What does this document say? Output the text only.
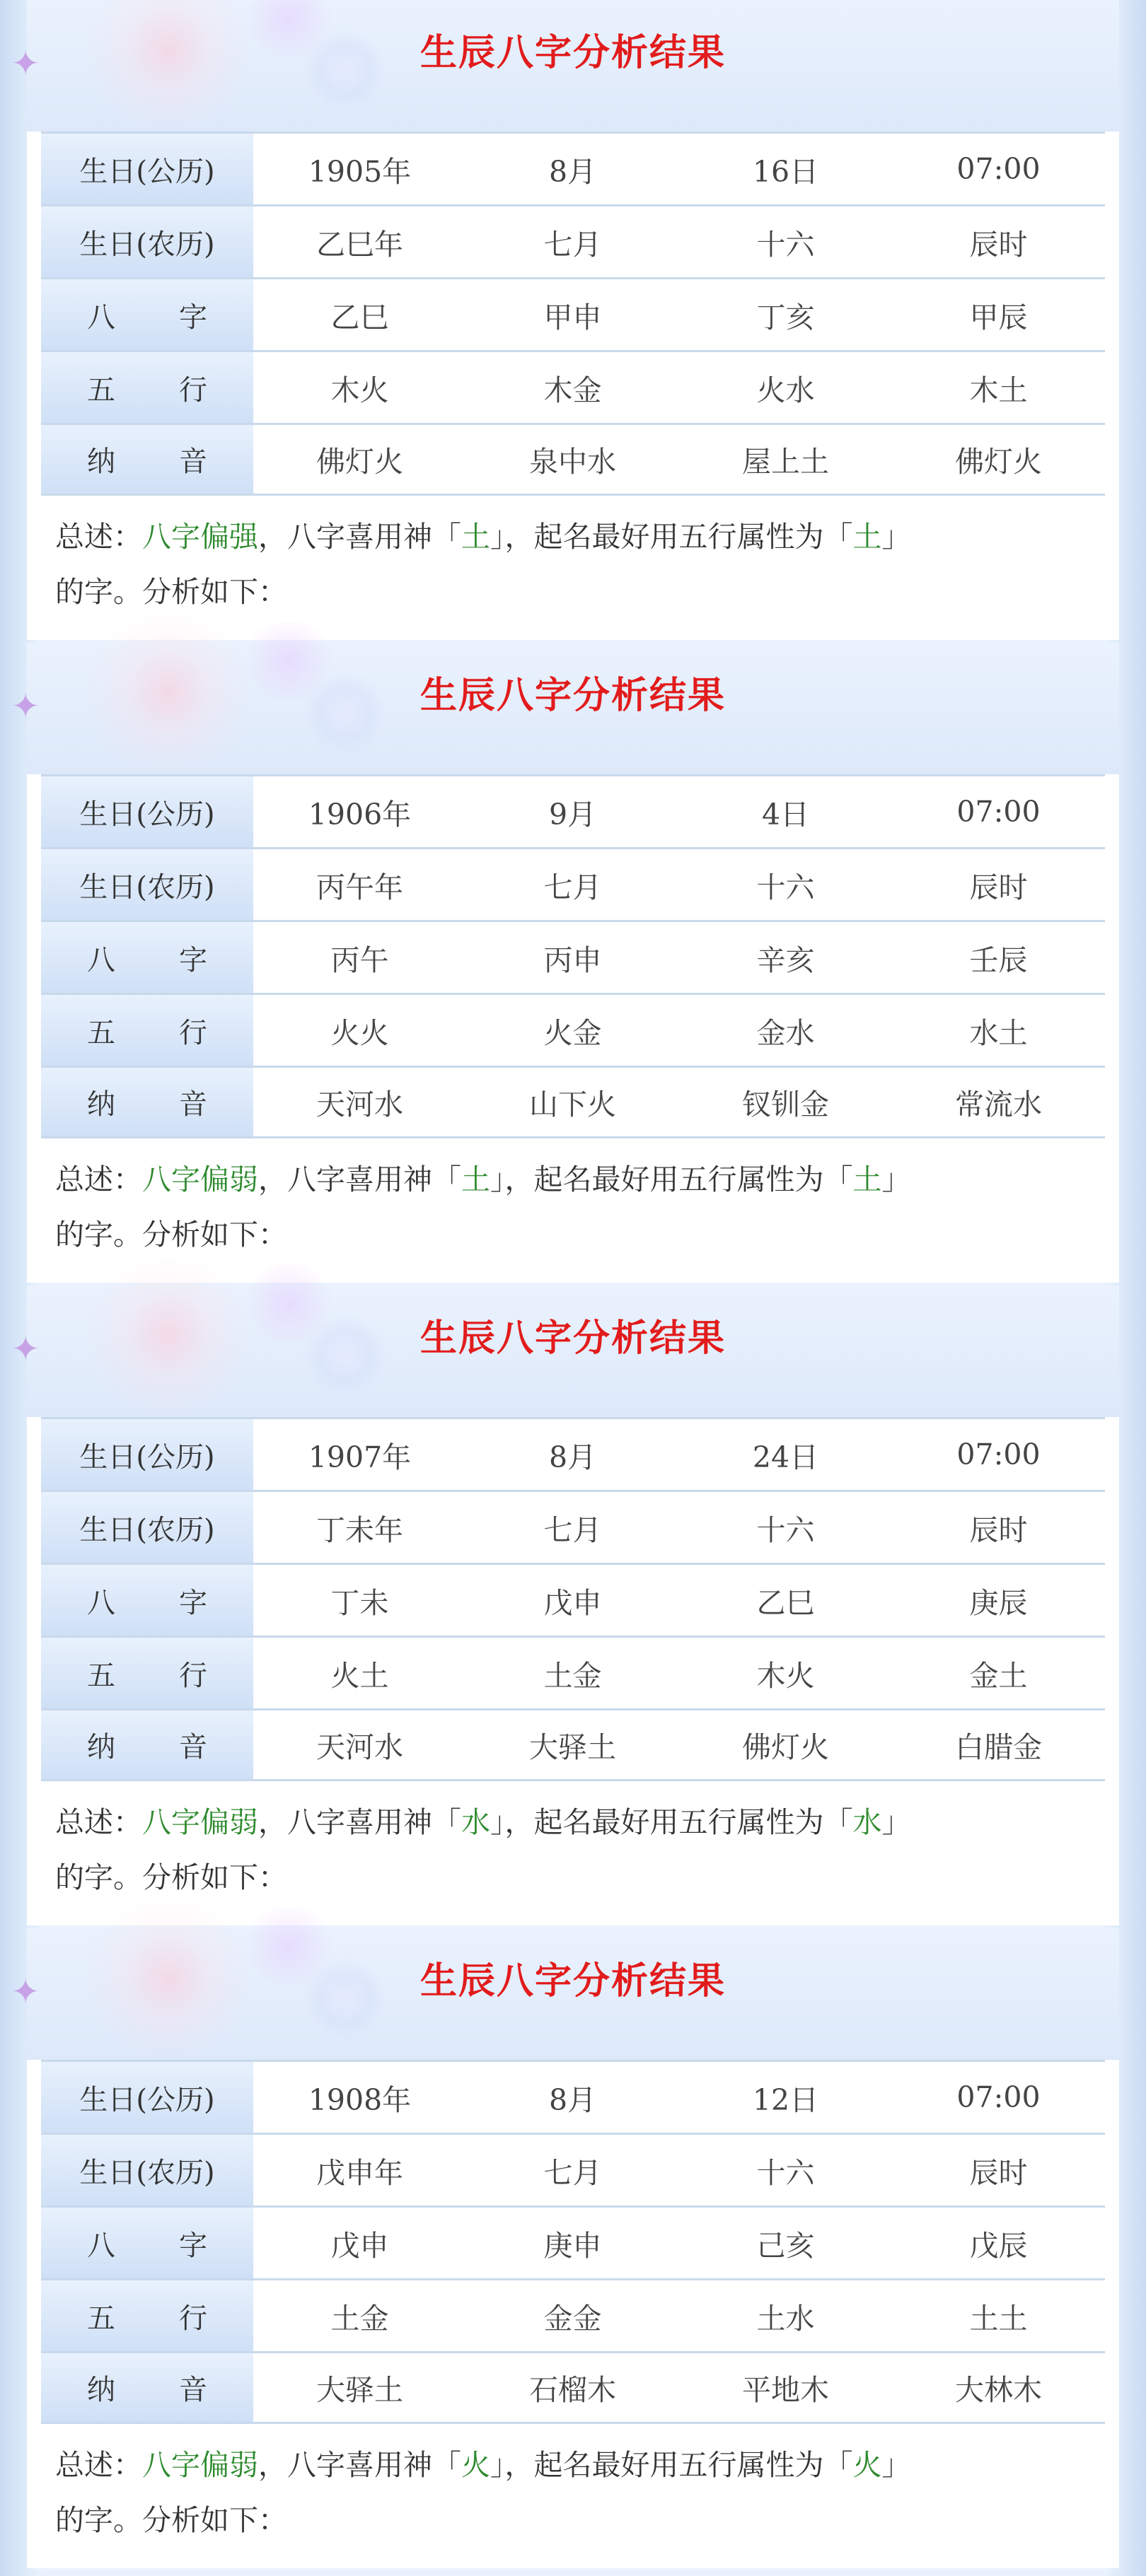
✦	生辰八字分析结果
生日(公历)	1905年	8月	16日	07:00
生日(农历)	乙巳年	七月	十六	辰时
八 字	乙巳	甲申	丁亥	甲辰
五 行	木火	木金	火水	木土
纳 音	佛灯火	泉中水	屋上土	佛灯火
总述：八字偏强，八字喜用神「土」，起名最好用五行属性为「土」
的字。分析如下：
✦	生辰八字分析结果
生日(公历)	1906年	9月	4日	07:00
生日(农历)	丙午年	七月	十六	辰时
八 字	丙午	丙申	辛亥	壬辰
五 行	火火	火金	金水	水土
纳 音	天河水	山下火	钗钏金	常流水
总述：八字偏弱，八字喜用神「土」，起名最好用五行属性为「土」
的字。分析如下：
✦	生辰八字分析结果
生日(公历)	1907年	8月	24日	07:00
生日(农历)	丁未年	七月	十六	辰时
八 字	丁未	戊申	乙巳	庚辰
五 行	火土	土金	木火	金土
纳 音	天河水	大驿土	佛灯火	白腊金
总述：八字偏弱，八字喜用神「水」，起名最好用五行属性为「水」
的字。分析如下：
✦	生辰八字分析结果
生日(公历)	1908年	8月	12日	07:00
生日(农历)	戊申年	七月	十六	辰时
八 字	戊申	庚申	己亥	戊辰
五 行	土金	金金	土水	土土
纳 音	大驿土	石榴木	平地木	大林木
总述：八字偏弱，八字喜用神「火」，起名最好用五行属性为「火」
的字。分析如下：
